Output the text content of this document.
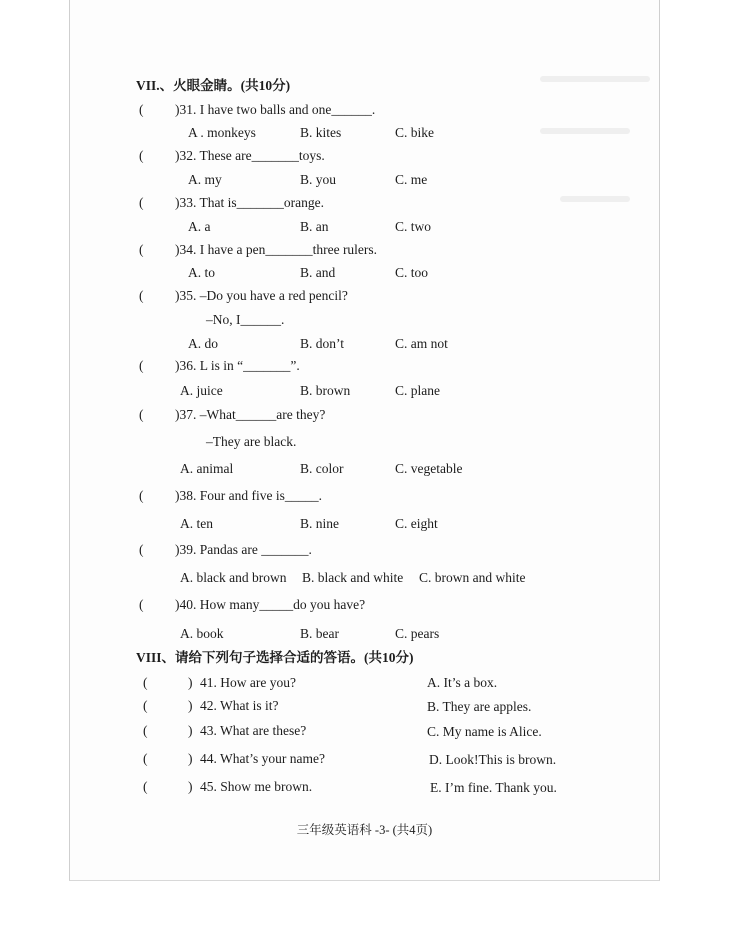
VII.、火眼金睛。(共10分)
( )31. I have two balls and one______.
A . monkeys	B. kites	C. bike
( )32. These are_______toys.
A. my	B. you	C. me
( )33. That is_______orange.
A. a	B. an	C. two
( )34. I have a pen_______three rulers.
A. to	B. and	C. too
( )35. –Do you have a red pencil?
–No, I______.
A. do	B. don’t	C. am not
( )36. L is in “_______”.
A. juice	B. brown	C. plane
( )37. –What______are they?
–They are black.
A. animal	B. color	C. vegetable
( )38. Four and five is_____.
A. ten	B. nine	C. eight
( )39. Pandas are _______.
A. black and brown B. black and white C. brown and white
( )40. How many_____do you have?
A. book	B. bear	C. pears
VIII、请给下列句子选择合适的答语。(共10分)
(	) 41. How are you?	A. It’s a box.
(	) 42. What is it?	B. They are apples.
(	) 43. What are these?	C. My name is Alice.
(	) 44. What’s your name?	D. Look!This is brown.
(	) 45. Show me brown.	E. I’m fine. Thank you.
三年级英语科 -3- (共4页)
